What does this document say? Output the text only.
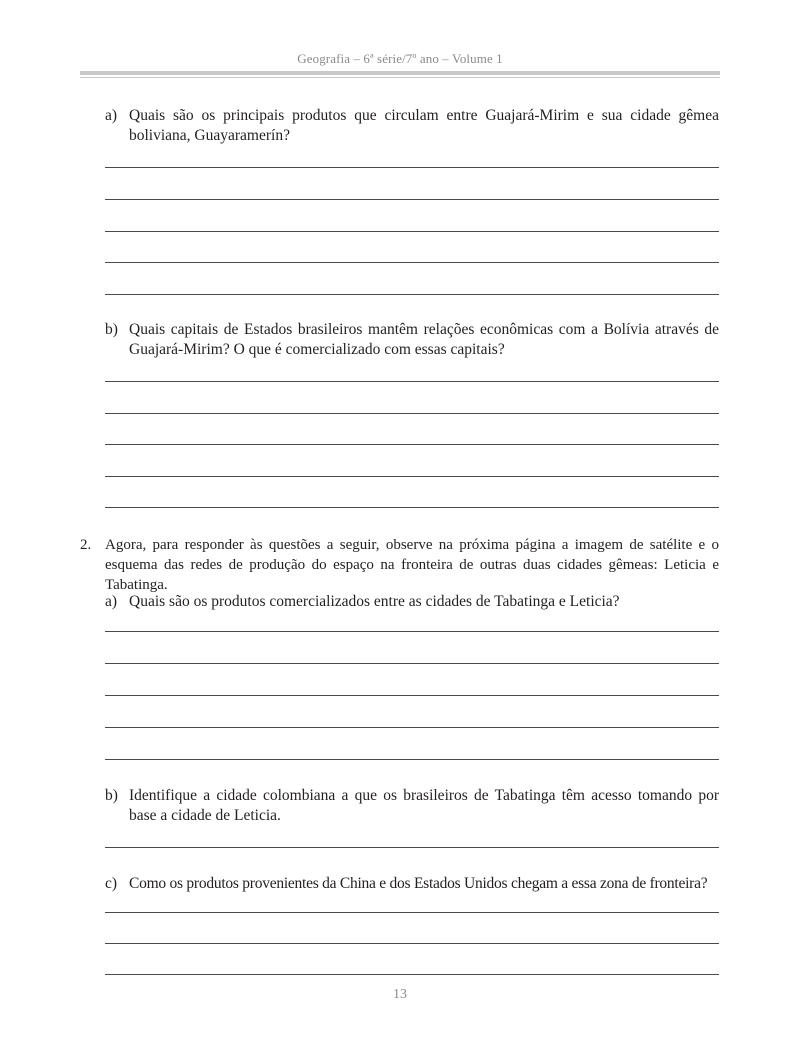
Geografia – 6ª série/7º ano – Volume 1
a) Quais são os principais produtos que circulam entre Guajará-Mirim e sua cidade gêmea boliviana, Guayaramerín?
b) Quais capitais de Estados brasileiros mantêm relações econômicas com a Bolívia através de Guajará-Mirim? O que é comercializado com essas capitais?
2. Agora, para responder às questões a seguir, observe na próxima página a imagem de satélite e o esquema das redes de produção do espaço na fronteira de outras duas cidades gêmeas: Leticia e Tabatinga.
a) Quais são os produtos comercializados entre as cidades de Tabatinga e Leticia?
b) Identifique a cidade colombiana a que os brasileiros de Tabatinga têm acesso tomando por base a cidade de Leticia.
c) Como os produtos provenientes da China e dos Estados Unidos chegam a essa zona de fronteira?
13
